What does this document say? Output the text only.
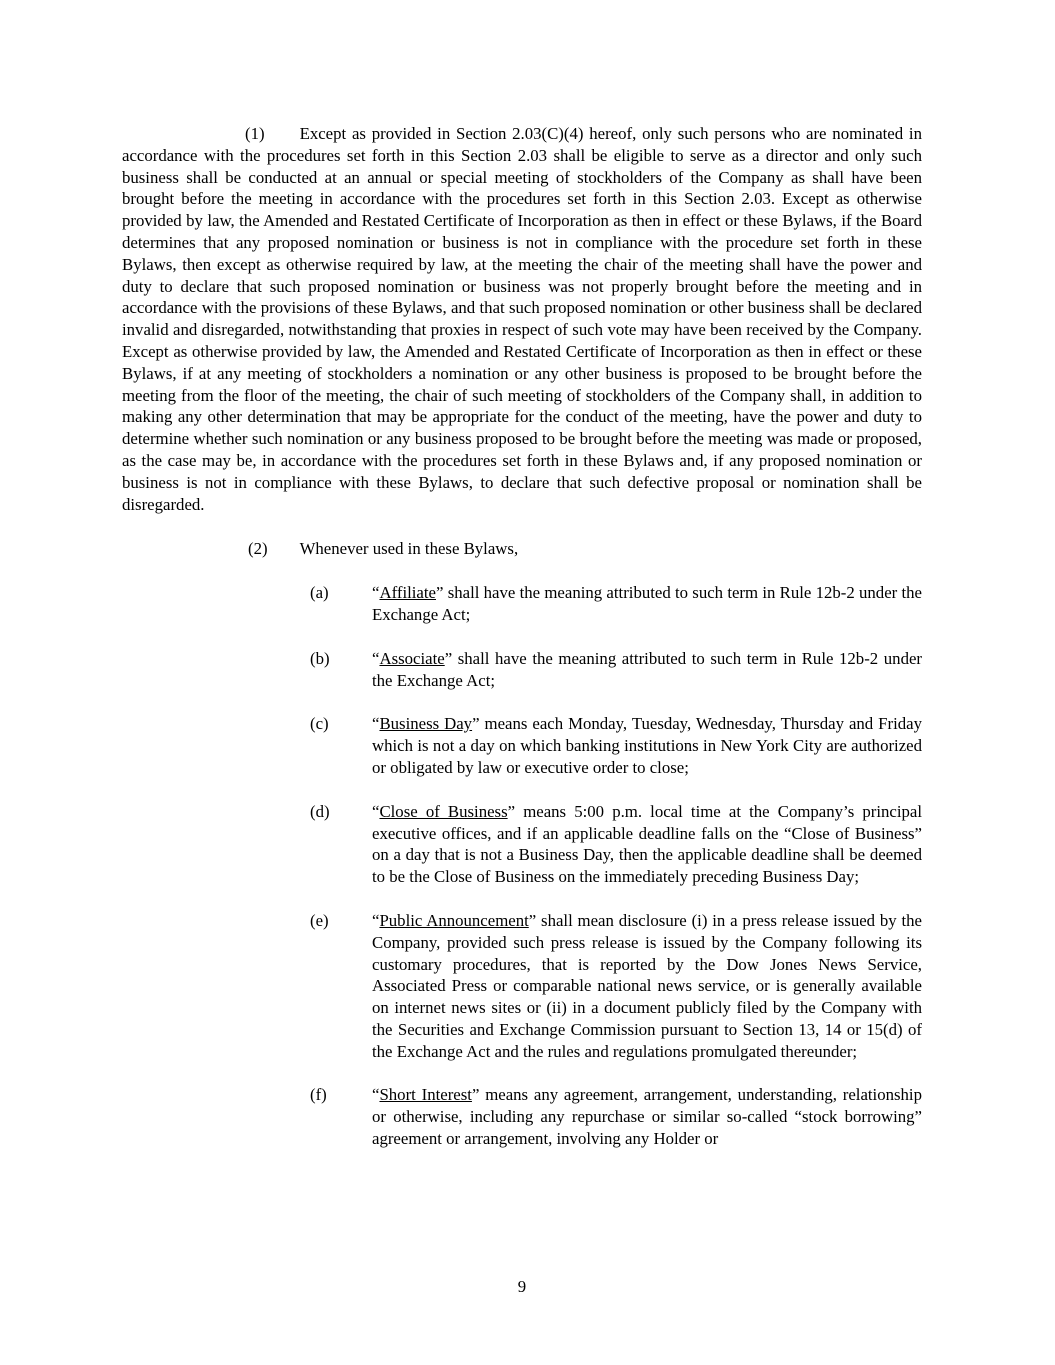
(1) Except as provided in Section 2.03(C)(4) hereof, only such persons who are nominated in accordance with the procedures set forth in this Section 2.03 shall be eligible to serve as a director and only such business shall be conducted at an annual or special meeting of stockholders of the Company as shall have been brought before the meeting in accordance with the procedures set forth in this Section 2.03. Except as otherwise provided by law, the Amended and Restated Certificate of Incorporation as then in effect or these Bylaws, if the Board determines that any proposed nomination or business is not in compliance with the procedure set forth in these Bylaws, then except as otherwise required by law, at the meeting the chair of the meeting shall have the power and duty to declare that such proposed nomination or business was not properly brought before the meeting and in accordance with the provisions of these Bylaws, and that such proposed nomination or other business shall be declared invalid and disregarded, notwithstanding that proxies in respect of such vote may have been received by the Company. Except as otherwise provided by law, the Amended and Restated Certificate of Incorporation as then in effect or these Bylaws, if at any meeting of stockholders a nomination or any other business is proposed to be brought before the meeting from the floor of the meeting, the chair of such meeting of stockholders of the Company shall, in addition to making any other determination that may be appropriate for the conduct of the meeting, have the power and duty to determine whether such nomination or any business proposed to be brought before the meeting was made or proposed, as the case may be, in accordance with the procedures set forth in these Bylaws and, if any proposed nomination or business is not in compliance with these Bylaws, to declare that such defective proposal or nomination shall be disregarded.

(2) Whenever used in these Bylaws,

(a)	“Affiliate” shall have the meaning attributed to such term in Rule 12b-2 under the Exchange Act;
(b)	“Associate” shall have the meaning attributed to such term in Rule 12b-2 under the Exchange Act;
(c)	“Business Day” means each Monday, Tuesday, Wednesday, Thursday and Friday which is not a day on which banking institutions in New York City are authorized or obligated by law or executive order to close;
(d)	“Close of Business” means 5:00 p.m. local time at the Company’s principal executive offices, and if an applicable deadline falls on the “Close of Business” on a day that is not a Business Day, then the applicable deadline shall be deemed to be the Close of Business on the immediately preceding Business Day;
(e)	“Public Announcement” shall mean disclosure (i) in a press release issued by the Company, provided such press release is issued by the Company following its customary procedures, that is reported by the Dow Jones News Service, Associated Press or comparable national news service, or is generally available on internet news sites or (ii) in a document publicly filed by the Company with the Securities and Exchange Commission pursuant to Section 13, 14 or 15(d) of the Exchange Act and the rules and regulations promulgated thereunder;
(f)	“Short Interest” means any agreement, arrangement, understanding, relationship or otherwise, including any repurchase or similar so-called “stock borrowing” agreement or arrangement, involving any Holder or
9
